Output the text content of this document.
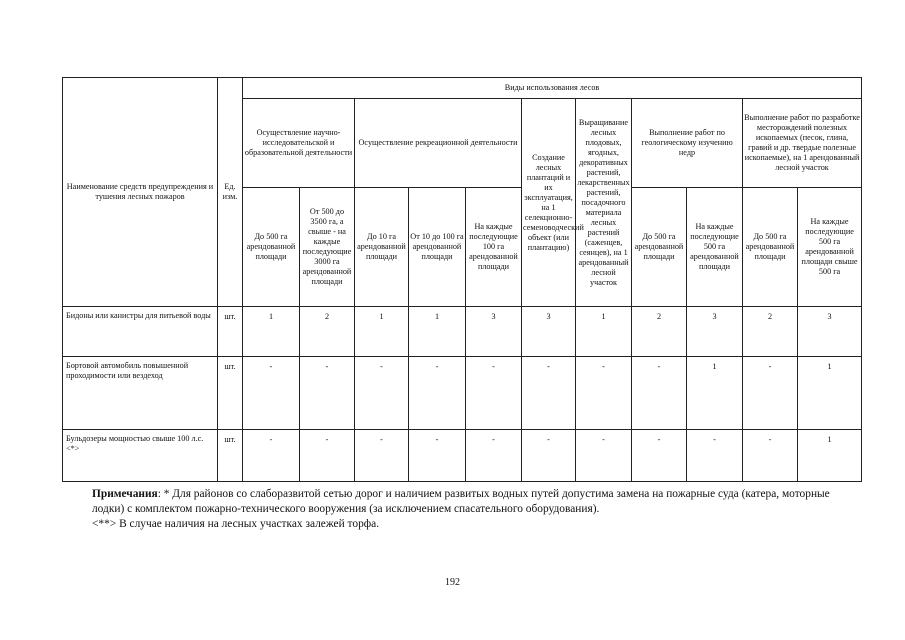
Наименование средств предупреждения и тушения лесных пожаров	Ед. изм.	Виды использования лесов										
		Осуществление научно-исследовательской и образовательной деятельности		Осуществление рекреационной деятельности			Создание лесных плантаций и их эксплуатация, на 1 селекционно-семеноводческий объект (или плантацию)	Выращивание лесных плодовых, ягодных, декоративных растений, лекарственных растений, посадочного материала лесных растений (саженцев, сеянцев), на 1 арендованный лесной участок	Выполнение работ по геологическому изучению недр		Выполнение работ по разработке месторождений полезных ископаемых (песок, глина, гравий и др. твердые полезные ископаемые), на 1 арендованный лесной участок	
		До 500 га арендованной площади	От 500 до 3500 га, а свыше - на каждые последующие 3000 га арендованной площади	До 10 га арендованной площади	От 10 до 100 га арендованной площади	На каждые последующие 100 га арендованной площади			До 500 га арендованной площади	На каждые последующие 500 га арендованной площади	До 500 га арендованной площади	На каждые последующие 500 га арендованной площади свыше 500 га
Бидоны или канистры для питьевой воды	шт.	1	2	1	1	3	3	1	2	3	2	3
Бортовой автомобиль повышенной проходимости или вездеход	шт.	-	-	-	-	-	-	-	-	1	-	1
Бульдозеры мощностью свыше 100 л.с. <*>	шт.	-	-	-	-	-	-	-	-	-	-	1

Примечания: * Для районов со слаборазвитой сетью дорог и наличием развитых водных путей допустима замена на пожарные суда (катера, моторные лодки) с комплектом пожарно-технического вооружения (за исключением спасательного оборудования).

<**> В случае наличия на лесных участках залежей торфа.

192
